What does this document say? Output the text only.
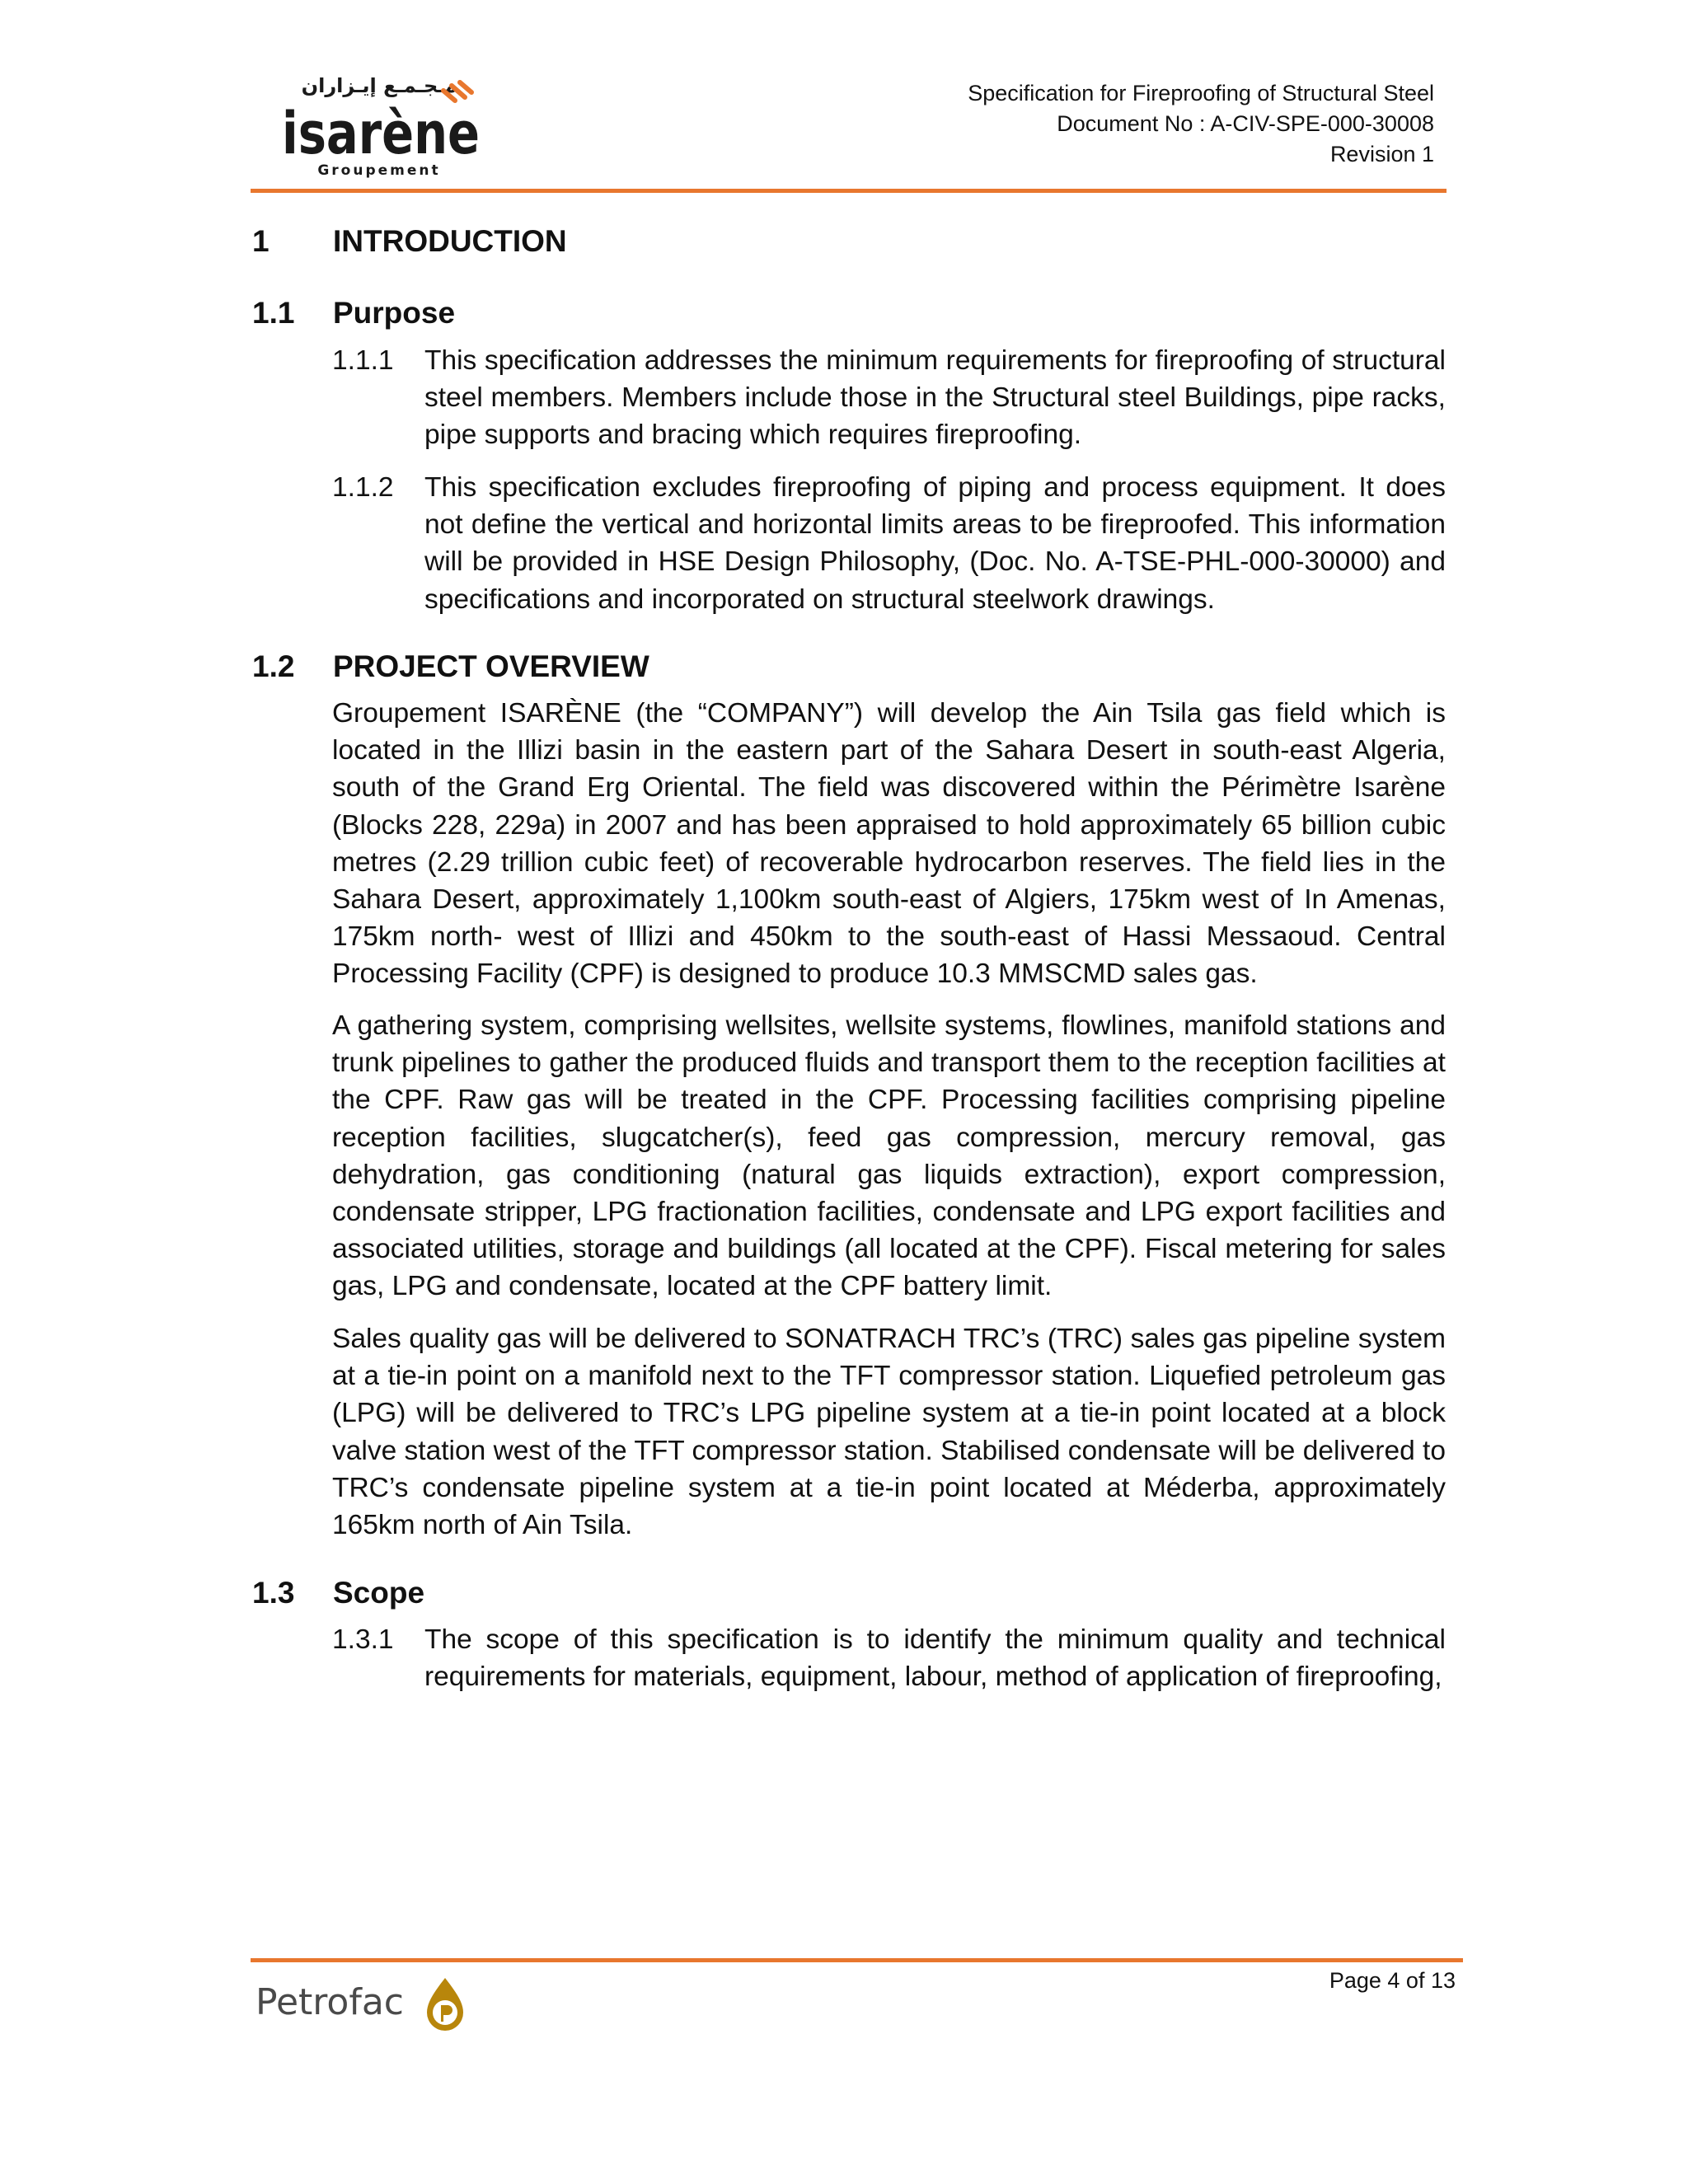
مـجـمـع إيـزاران
isarène
Groupement
Specification for Fireproofing of Structural Steel
Document No : A-CIV-SPE-000-30008
Revision 1
1 INTRODUCTION
1.1 Purpose
1.1.1 This specification addresses the minimum requirements for fireproofing of structural steel members. Members include those in the Structural steel Buildings, pipe racks, pipe supports and bracing which requires fireproofing.
1.1.2 This specification excludes fireproofing of piping and process equipment. It does not define the vertical and horizontal limits areas to be fireproofed. This information will be provided in HSE Design Philosophy, (Doc. No. A-TSE-PHL-000-30000) and specifications and incorporated on structural steelwork drawings.
1.2 PROJECT OVERVIEW
Groupement ISARÈNE (the “COMPANY”) will develop the Ain Tsila gas field which is located in the Illizi basin in the eastern part of the Sahara Desert in south-east Algeria, south of the Grand Erg Oriental. The field was discovered within the Périmètre Isarène (Blocks 228, 229a) in 2007 and has been appraised to hold approximately 65 billion cubic metres (2.29 trillion cubic feet) of recoverable hydrocarbon reserves. The field lies in the Sahara Desert, approximately 1,100km south-east of Algiers, 175km west of In Amenas, 175km north- west of Illizi and 450km to the south-east of Hassi Messaoud. Central Processing Facility (CPF) is designed to produce 10.3 MMSCMD sales gas.
A gathering system, comprising wellsites, wellsite systems, flowlines, manifold stations and trunk pipelines to gather the produced fluids and transport them to the reception facilities at the CPF. Raw gas will be treated in the CPF. Processing facilities comprising pipeline reception facilities, slugcatcher(s), feed gas compression, mercury removal, gas dehydration, gas conditioning (natural gas liquids extraction), export compression, condensate stripper, LPG fractionation facilities, condensate and LPG export facilities and associated utilities, storage and buildings (all located at the CPF). Fiscal metering for sales gas, LPG and condensate, located at the CPF battery limit.
Sales quality gas will be delivered to SONATRACH TRC’s (TRC) sales gas pipeline system at a tie-in point on a manifold next to the TFT compressor station. Liquefied petroleum gas (LPG) will be delivered to TRC’s LPG pipeline system at a tie-in point located at a block valve station west of the TFT compressor station. Stabilised condensate will be delivered to TRC’s condensate pipeline system at a tie-in point located at Méderba, approximately 165km north of Ain Tsila.
1.3 Scope
1.3.1 The scope of this specification is to identify the minimum quality and technical requirements for materials, equipment, labour, method of application of fireproofing,
Petrofac
Page 4 of 13
